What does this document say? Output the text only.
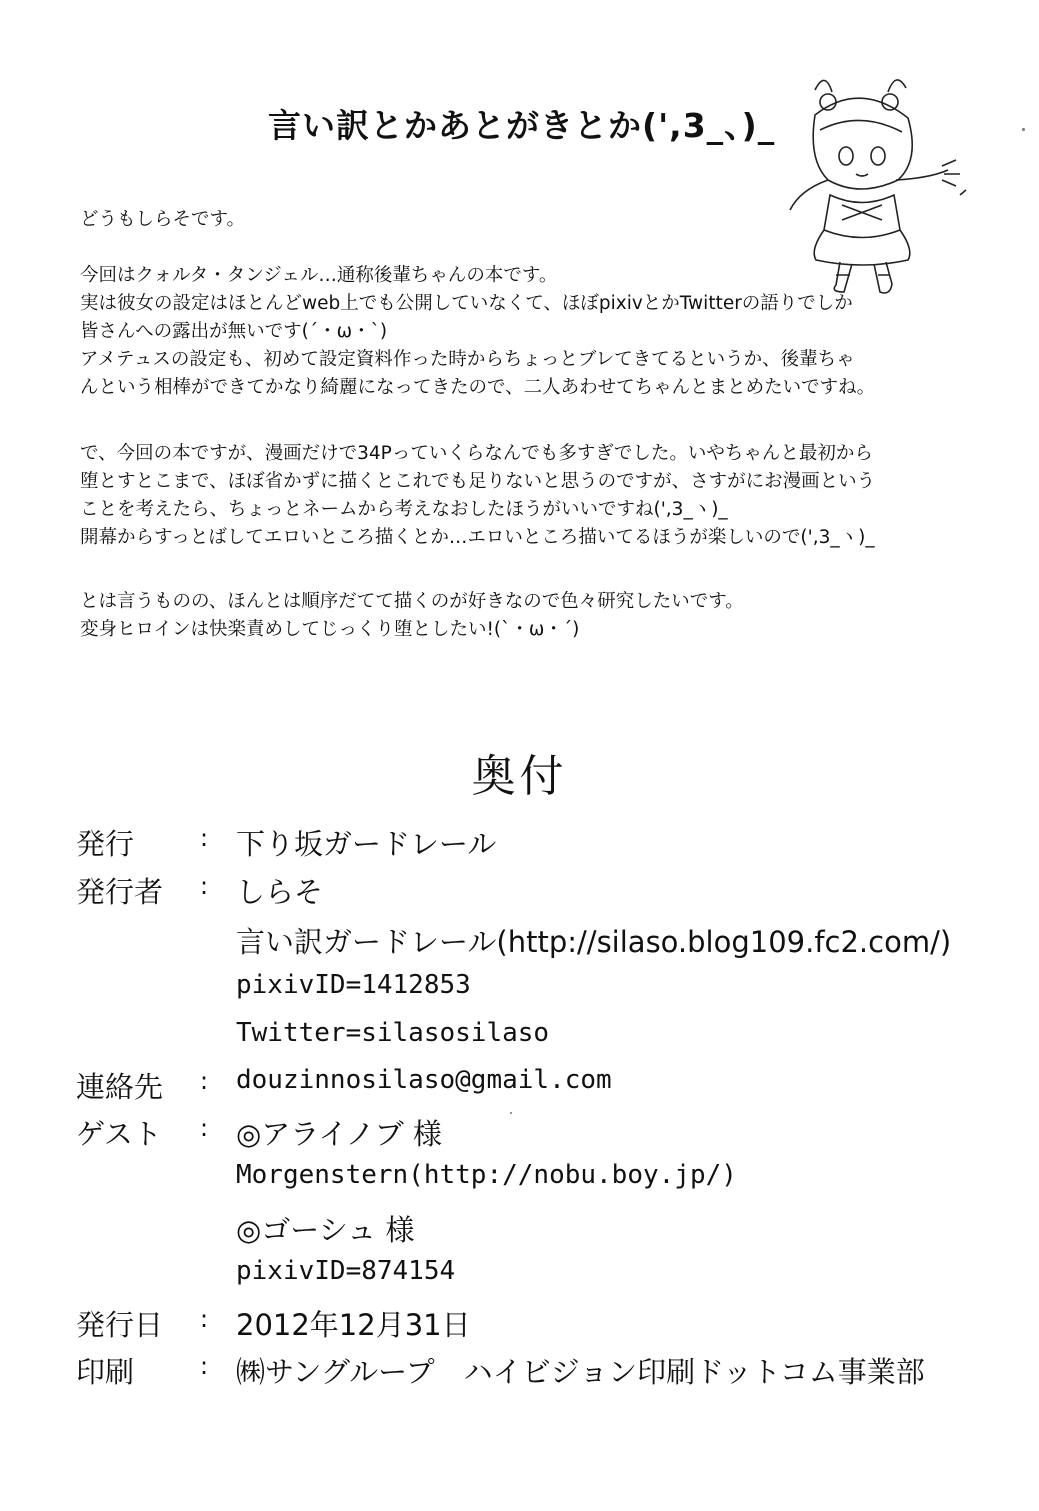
言い訳とかあとがきとか(',3_、)_

どうもしらそです。

今回はクォルタ・タンジェル…通称後輩ちゃんの本です。

実は彼女の設定はほとんどweb上でも公開していなくて、ほぼpixivとかTwitterの語りでしか

皆さんへの露出が無いです(´・ω・`)

アメテュスの設定も、初めて設定資料作った時からちょっとブレてきてるというか、後輩ちゃ

んという相棒ができてかなり綺麗になってきたので、二人あわせてちゃんとまとめたいですね。

で、今回の本ですが、漫画だけで34Pっていくらなんでも多すぎでした。いやちゃんと最初から

堕とすとこまで、ほぼ省かずに描くとこれでも足りないと思うのですが、さすがにお漫画という

ことを考えたら、ちょっとネームから考えなおしたほうがいいですね(',3_ヽ)_

開幕からすっとばしてエロいところ描くとか…エロいところ描いてるほうが楽しいので(',3_ヽ)_

とは言うものの、ほんとは順序だてて描くのが好きなので色々研究したいです。

変身ヒロインは快楽責めしてじっくり堕としたい!(`・ω・´)

奥付
発行	: 下り坂ガードレール
発行者 : しらそ
言い訳ガードレール(http://silaso.blog109.fc2.com/)
pixivID=1412853
Twitter=silasosilaso
連絡先 : douzinnosilaso@gmail.com
ゲスト : ◎アライノブ 様
Morgenstern(http://nobu.boy.jp/)
◎ゴーシュ 様
pixivID=874154
発行日 : 2012年12月31日
印刷	: ㈱サングループ　ハイビジョン印刷ドットコム事業部
